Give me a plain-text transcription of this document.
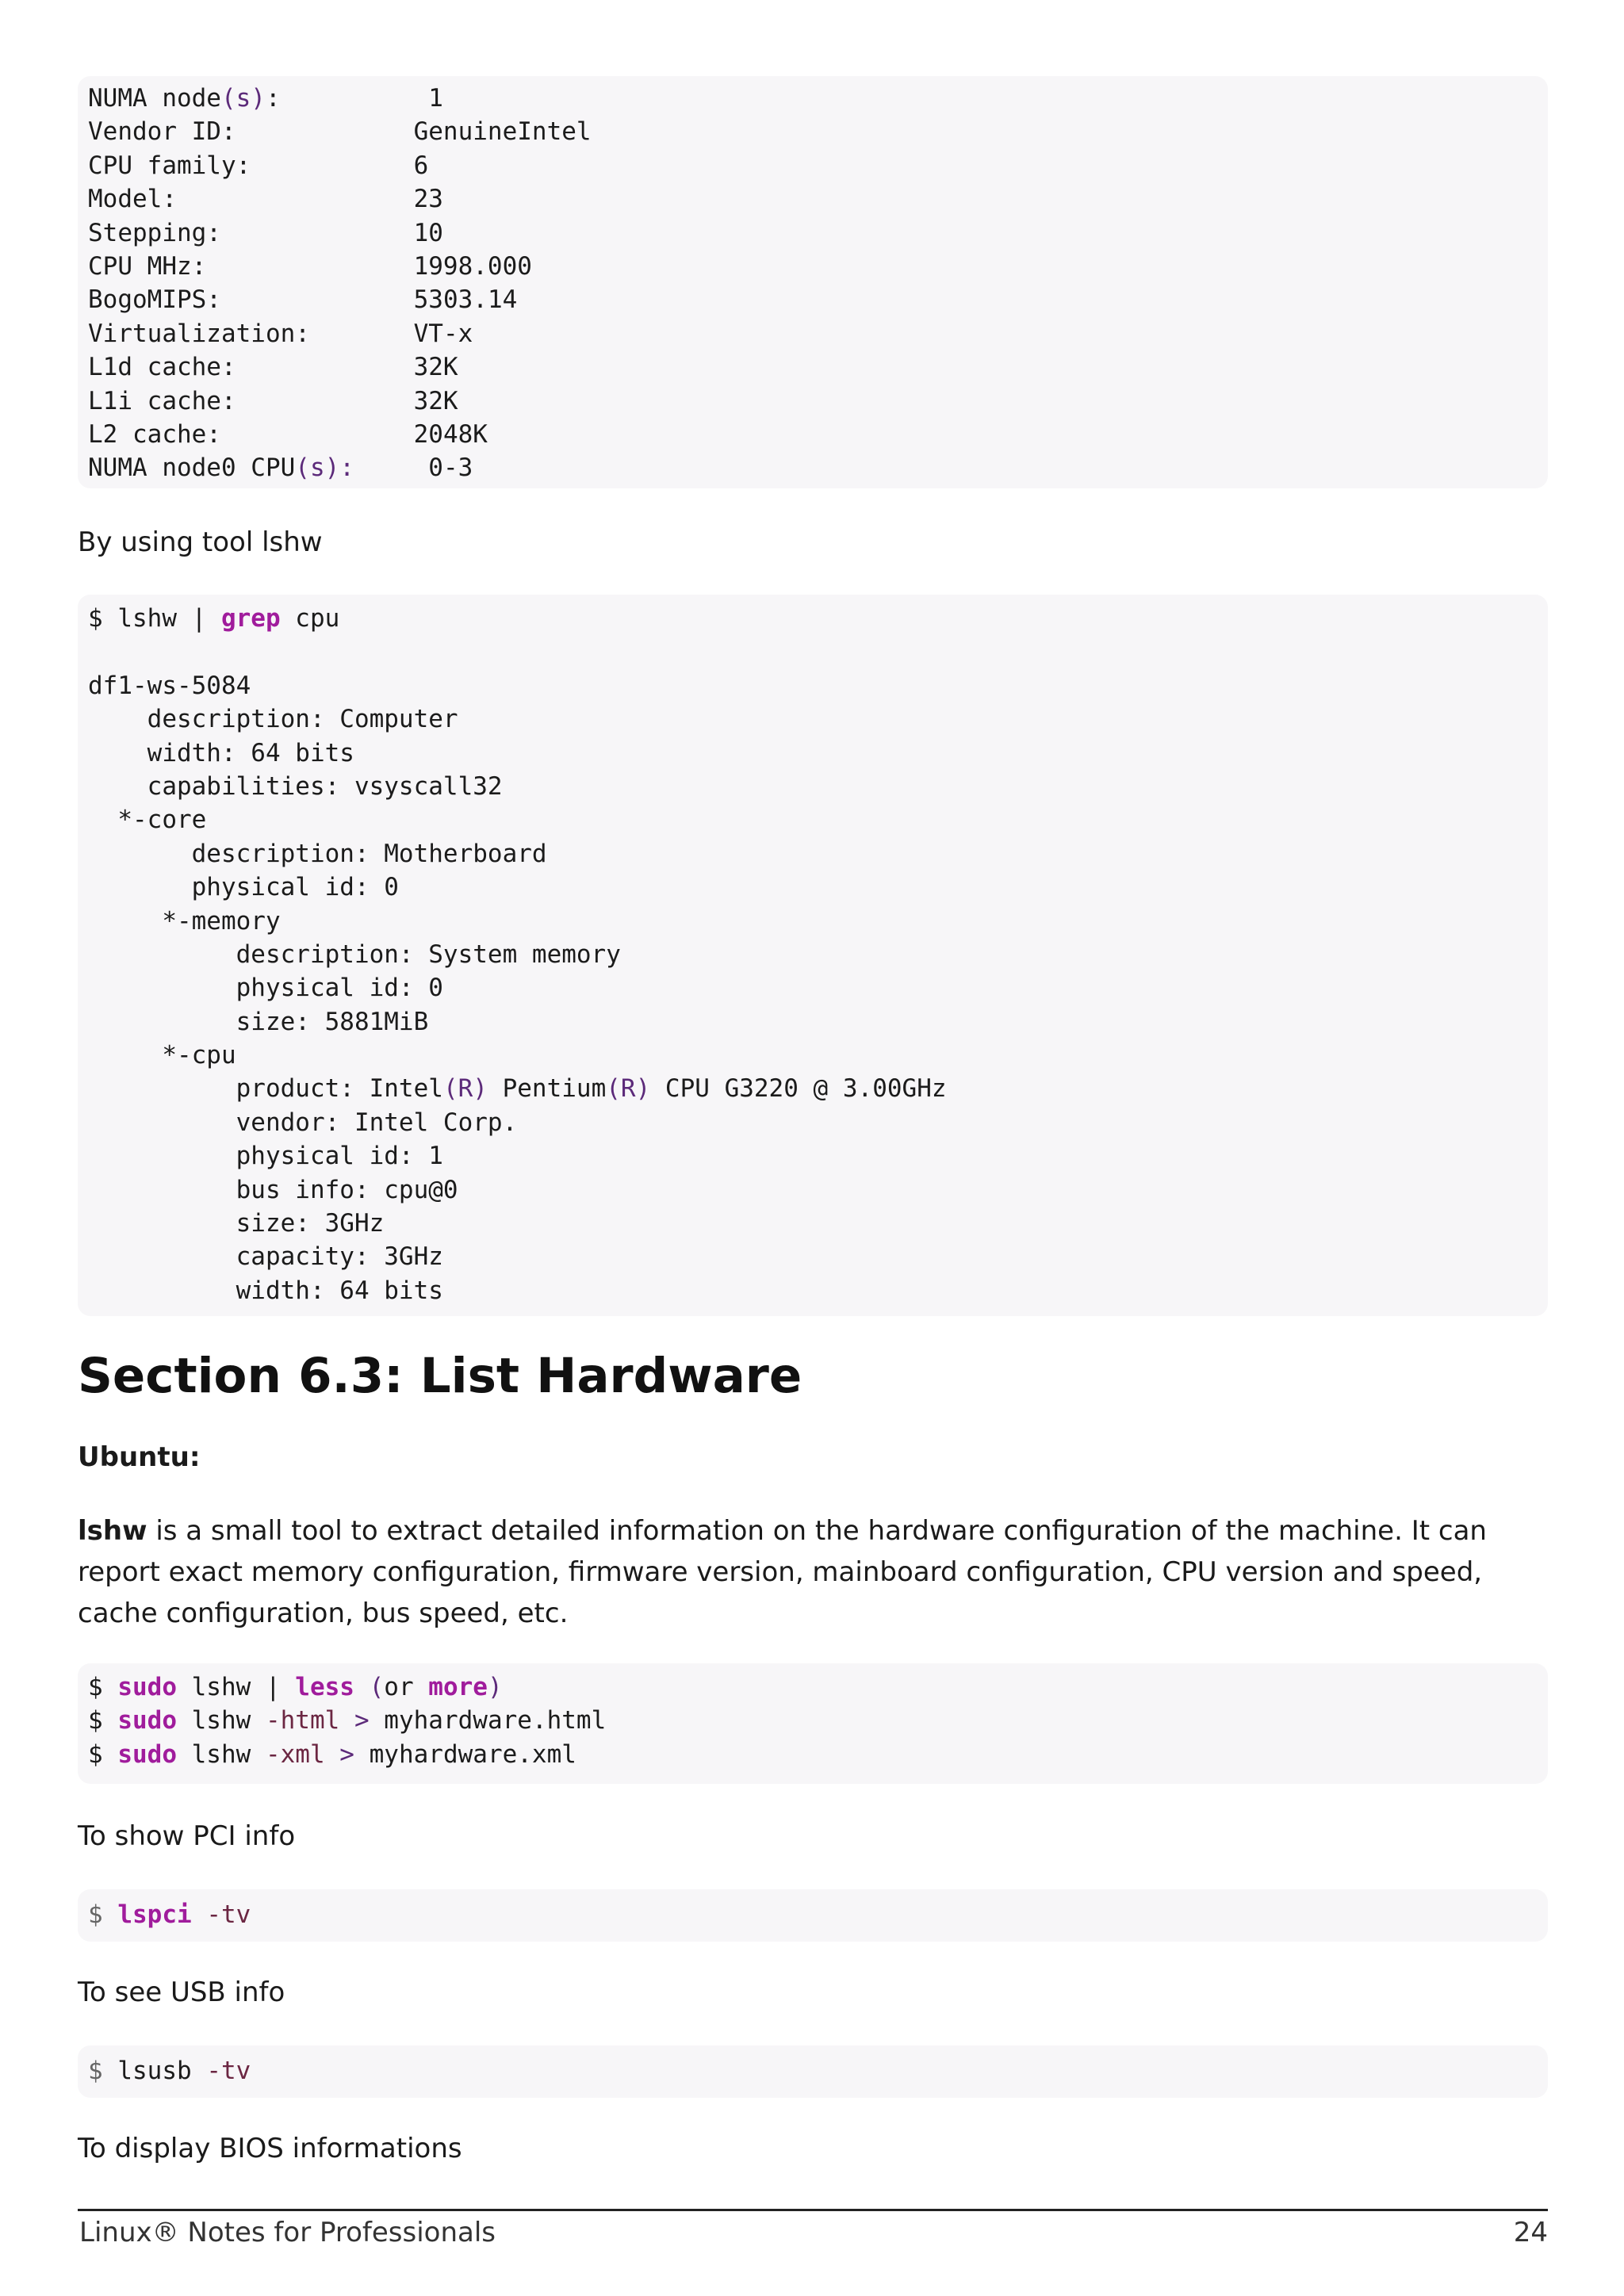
NUMA node(s):          1
Vendor ID:	GenuineIntel
CPU family:	6
Model:	23
Stepping:	10
CPU MHz:	1998.000
BogoMIPS:	5303.14
Virtualization:	VT-x
L1d cache:	32K
L1i cache:	32K
L2 cache:	2048K
NUMA node0 CPU(s):	0-3
By using tool lshw
$ lshw | grep cpu
df1-ws-5084
description: Computer
width: 64 bits
capabilities: vsyscall32
*-core
description: Motherboard
physical id: 0
*-memory
description: System memory
physical id: 0
size: 5881MiB
*-cpu
product: Intel(R) Pentium(R) CPU G3220 @ 3.00GHz
vendor: Intel Corp.
physical id: 1
bus info: cpu@0
size: 3GHz
capacity: 3GHz
width: 64 bits
Section 6.3: List Hardware
Ubuntu:
lshw is a small tool to extract detailed information on the hardware configuration of the machine. It can report exact memory configuration, firmware version, mainboard configuration, CPU version and speed, cache configuration, bus speed, etc.
$ sudo lshw | less (or more)
$ sudo lshw -html > myhardware.html
$ sudo lshw -xml > myhardware.xml
To show PCI info
$ lspci -tv
To see USB info
$ lsusb -tv
To display BIOS informations
Linux® Notes for Professionals	24
